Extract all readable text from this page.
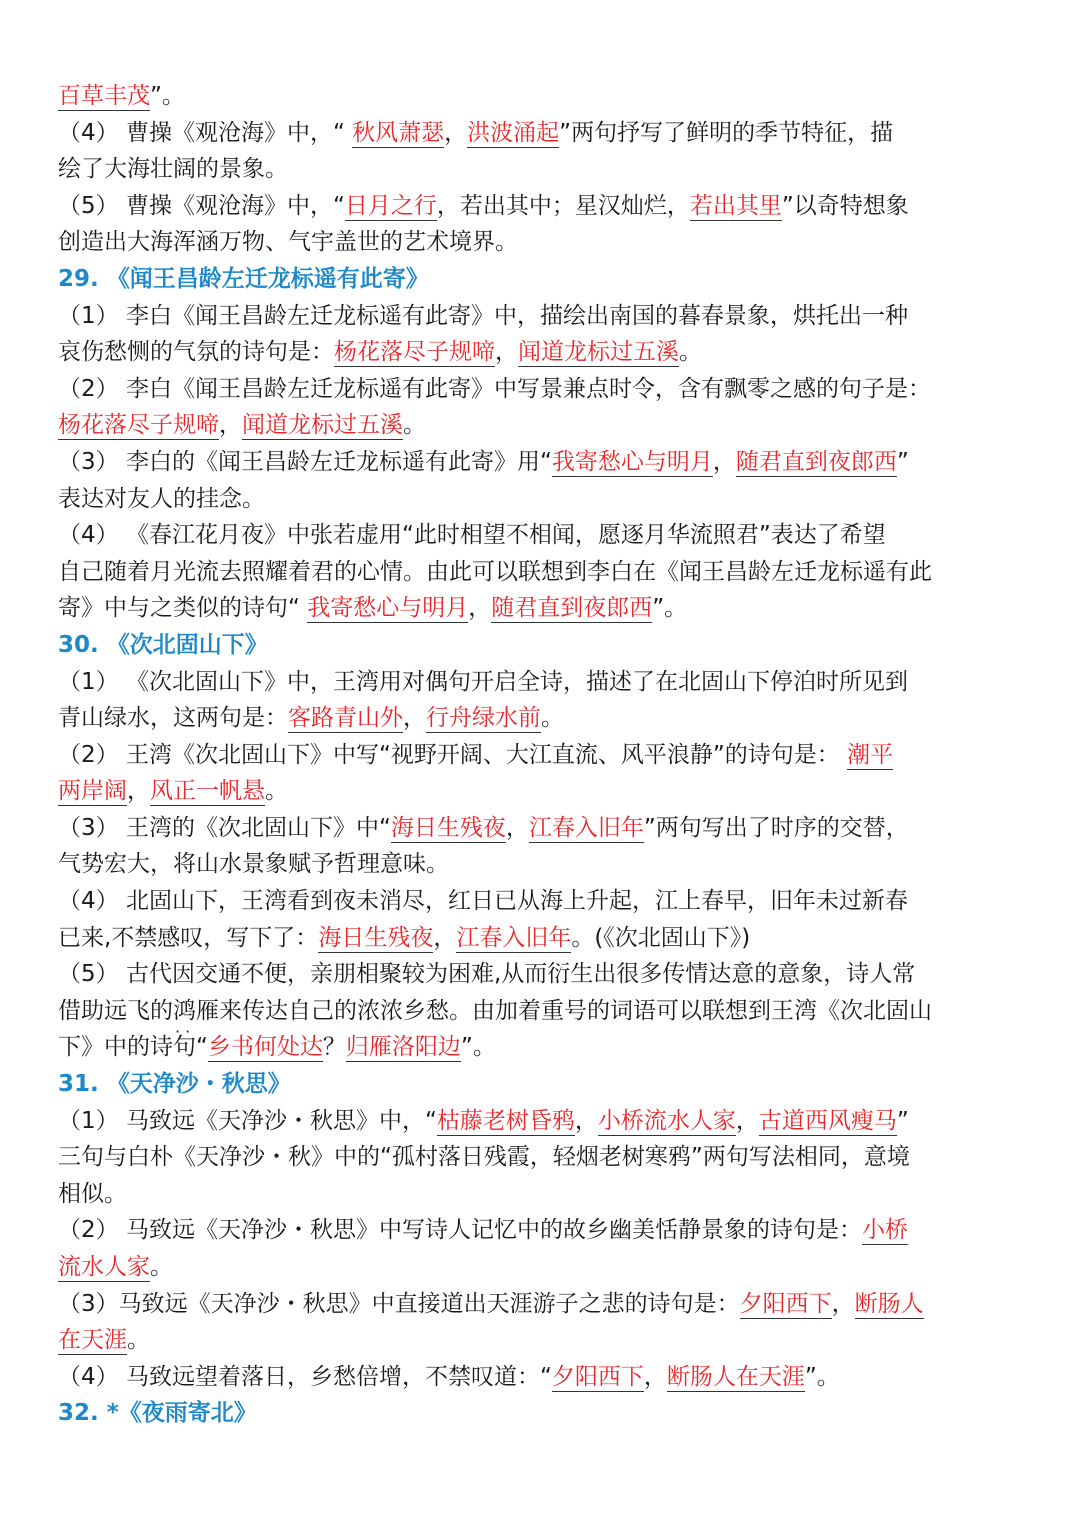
百草丰茂”。
（4） 曹操《观沧海》中，“ 秋风萧瑟，洪波涌起”两句抒写了鲜明的季节特征，描
绘了大海壮阔的景象。
（5） 曹操《观沧海》中，“日月之行，若出其中；星汉灿烂，若出其里”以奇特想象
创造出大海浑涵万物、气宇盖世的艺术境界。
29. 《闻王昌龄左迁龙标遥有此寄》
（1） 李白《闻王昌龄左迁龙标遥有此寄》中，描绘出南国的暮春景象，烘托出一种
哀伤愁恻的气氛的诗句是：杨花落尽子规啼，闻道龙标过五溪。
（2） 李白《闻王昌龄左迁龙标遥有此寄》中写景兼点时令，含有飘零之感的句子是：
杨花落尽子规啼，闻道龙标过五溪。
（3） 李白的《闻王昌龄左迁龙标遥有此寄》用“我寄愁心与明月，随君直到夜郎西”
表达对友人的挂念。
（4） 《春江花月夜》中张若虚用“此时相望不相闻，愿逐月华流照君”表达了希望
自己随着月光流去照耀着君的心情。由此可以联想到李白在《闻王昌龄左迁龙标遥有此
寄》中与之类似的诗句“ 我寄愁心与明月，随君直到夜郎西”。
30. 《次北固山下》
（1） 《次北固山下》中，王湾用对偶句开启全诗，描述了在北固山下停泊时所见到
青山绿水，这两句是：客路青山外，行舟绿水前。
（2） 王湾《次北固山下》中写“视野开阔、大江直流、风平浪静”的诗句是： 潮平
两岸阔，风正一帆悬。
（3） 王湾的《次北固山下》中“海日生残夜，江春入旧年”两句写出了时序的交替，
气势宏大，将山水景象赋予哲理意味。
（4） 北固山下，王湾看到夜未消尽，红日已从海上升起，江上春早，旧年未过新春
已来,不禁感叹，写下了：海日生残夜，江春入旧年。(《次北固山下》)
（5） 古代因交通不便，亲朋相聚较为困难,从而衍生出很多传情达意的意象，诗人常
借助远飞的鸿雁 · ·来传达自己的浓浓乡愁。由加着重号的词语可以联想到王湾《次北固山
下》中的诗句“乡书何处达？归雁洛阳边”。
31. 《天净沙・秋思》
（1） 马致远《天净沙・秋思》中，“枯藤老树昏鸦，小桥流水人家，古道西风瘦马”
三句与白朴《天净沙・秋》中的“孤村落日残霞，轻烟老树寒鸦”两句写法相同，意境
相似。
（2） 马致远《天净沙・秋思》中写诗人记忆中的故乡幽美恬静景象的诗句是：小桥
流水人家。
（3）马致远《天净沙・秋思》中直接道出天涯游子之悲的诗句是：夕阳西下，断肠人
在天涯。
（4） 马致远望着落日，乡愁倍增，不禁叹道：“夕阳西下，断肠人在天涯”。
32. *《夜雨寄北》
